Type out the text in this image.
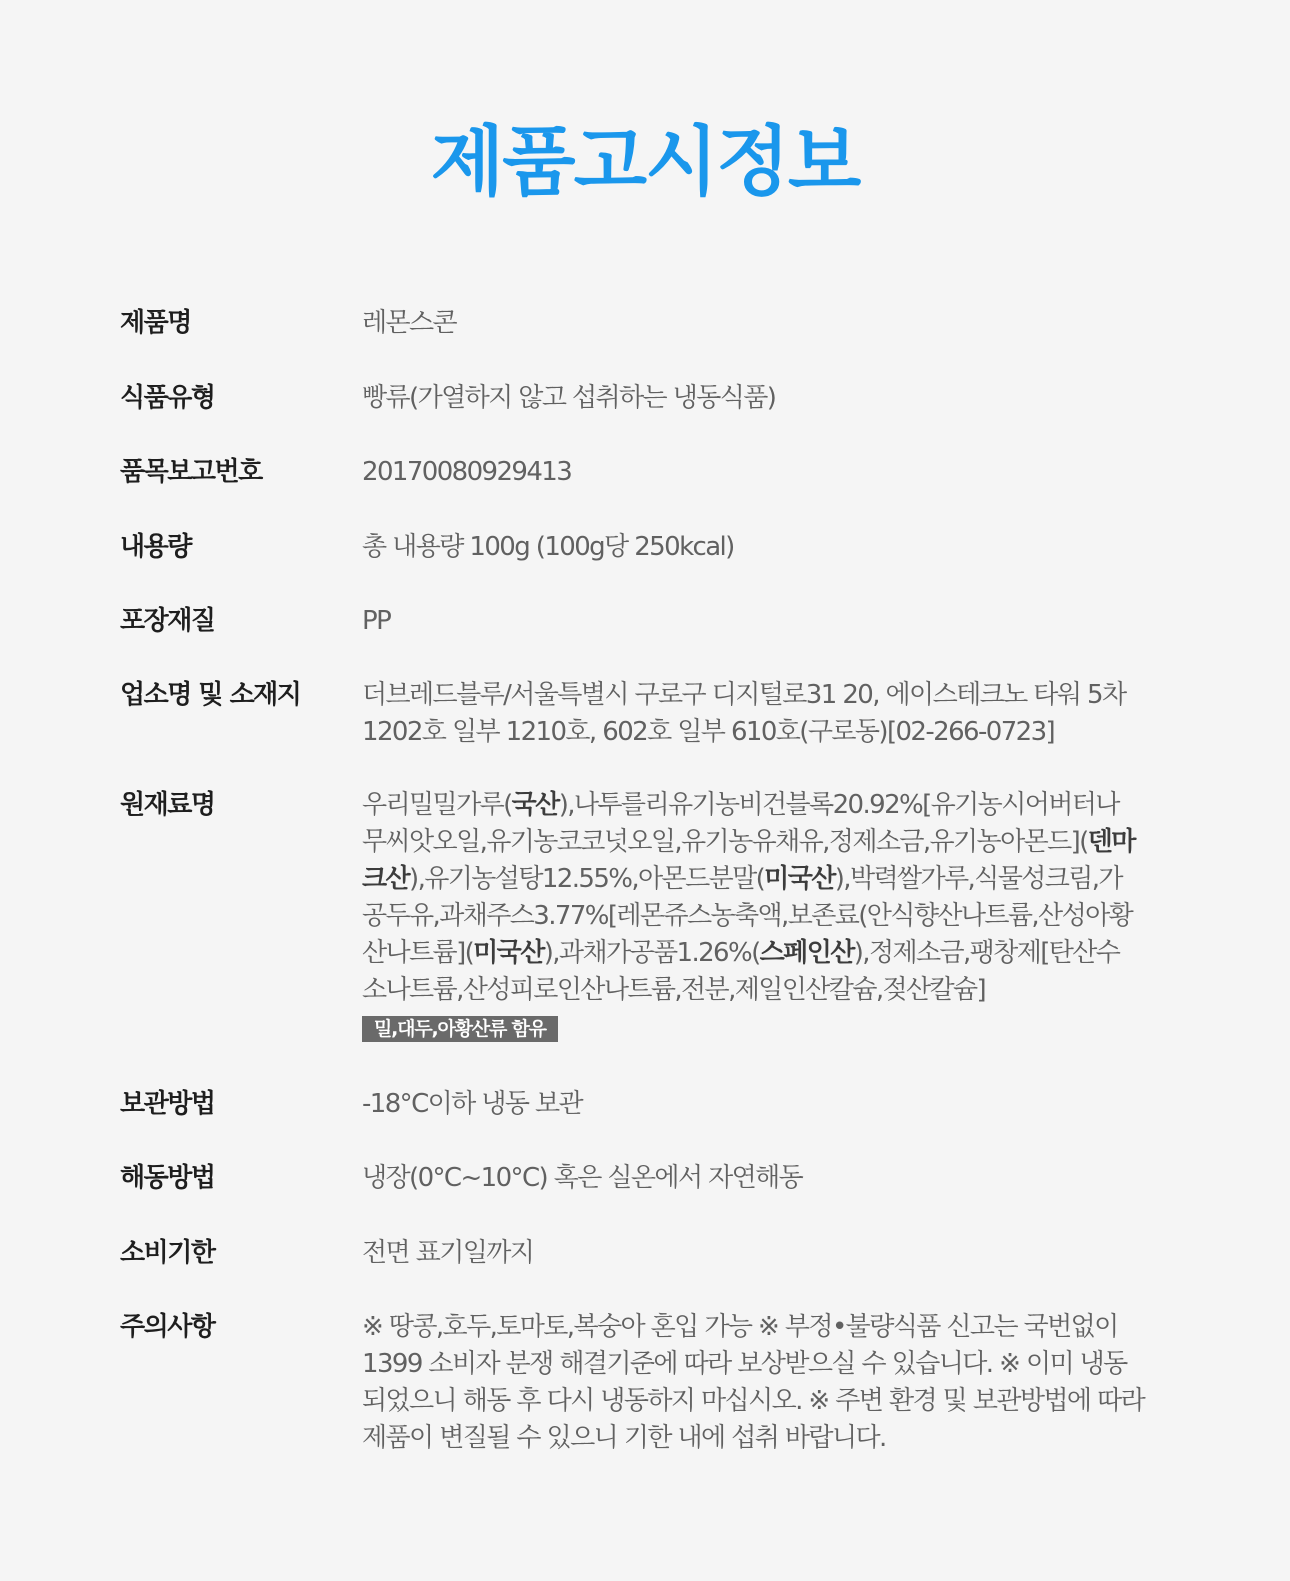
제품고시정보
제품명	레몬스콘
식품유형	빵류(가열하지 않고 섭취하는 냉동식품)
품목보고번호	20170080929413
내용량	총 내용량 100g (100g당 250kcal)
포장재질	PP
업소명 및 소재지	더브레드블루/서울특별시 구로구 디지털로31 20, 에이스테크노 타워 5차
1202호 일부 1210호, 602호 일부 610호(구로동)[02-266-0723]
원재료명	우리밀밀가루(국산),나투를리유기농비건블록20.92%[유기농시어버터나
무씨앗오일,유기농코코넛오일,유기농유채유,정제소금,유기농아몬드](덴마
크산),유기농설탕12.55%,아몬드분말(미국산),박력쌀가루,식물성크림,가
공두유,과채주스3.77%[레몬쥬스농축액,보존료(안식향산나트륨,산성아황
산나트륨](미국산),과채가공품1.26%(스페인산),정제소금,팽창제[탄산수
소나트륨,산성피로인산나트륨,전분,제일인산칼슘,젖산칼슘]
밀,대두,아황산류 함유
보관방법	-18°C이하 냉동 보관
해동방법	냉장(0°C~10°C) 혹은 실온에서 자연해동
소비기한	전면 표기일까지
주의사항	※ 땅콩,호두,토마토,복숭아 혼입 가능 ※ 부정•불량식품 신고는 국번없이
1399 소비자 분쟁 해결기준에 따라 보상받으실 수 있습니다. ※ 이미 냉동
되었으니 해동 후 다시 냉동하지 마십시오. ※ 주변 환경 및 보관방법에 따라
제품이 변질될 수 있으니 기한 내에 섭취 바랍니다.
